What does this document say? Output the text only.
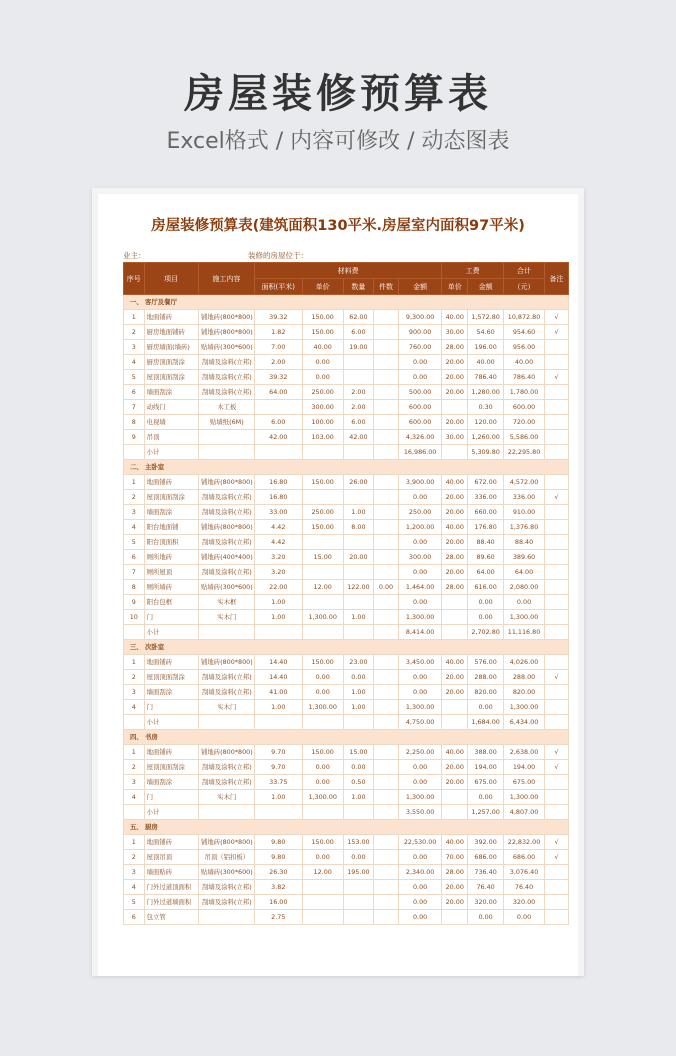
房屋装修预算表
Excel格式 / 内容可修改 / 动态图表
房屋装修预算表(建筑面积130平米.房屋室内面积97平米)
业主：	装修的房屋位于：
序号	项目	施工内容	材料费					工费		合计	备注
			面积(平米)	单价	数量	件数	金额	单价	金额	（元）	
一、 客厅及餐厅											
1	地面铺砖	铺地砖(800*800)	39.32	150.00	62.00		9,300.00	40.00	1,572.80	10,872.80	√
2	厨房地面铺砖	铺地砖(800*800)	1.82	150.00	6.00		900.00	30.00	54.60	954.60	√
3	厨房墙面(墙砖)	贴墙砖(300*600)	7.00	40.00	19.00		760.00	28.00	196.00	956.00	
4	厨房顶面刮涂	刮墙及涂料(立邦)	2.00	0.00			0.00	20.00	40.00	40.00	
5	屋顶顶面刮涂	刮墙及涂料(立邦)	39.32	0.00			0.00	20.00	786.40	786.40	√
6	墙面刮涂	刮墙及涂料(立邦)	64.00	250.00	2.00		500.00	20.00	1,280.00	1,780.00	
7	动线门	木工板		300.00	2.00		600.00		0.30	600.00	
8	电视墙	贴墙纸(6M)	6.00	100.00	6.00		600.00	20.00	120.00	720.00	
9	吊顶		42.00	103.00	42.00		4,326.00	30.00	1,260.00	5,586.00	
	小计						16,986.00		5,309.80	22,295.80	
二、 主卧室											
1	地面铺砖	铺地砖(800*800)	16.80	150.00	26.00		3,900.00	40.00	672.00	4,572.00	
2	屋顶顶面刮涂	刮墙及涂料(立邦)	16.80				0.00	20.00	336.00	336.00	√
3	墙面刮涂	刮墙及涂料(立邦)	33.00	250.00	1.00		250.00	20.00	660.00	910.00	
4	阳台地面铺	铺地砖(800*800)	4.42	150.00	8.00		1,200.00	40.00	176.80	1,376.80	
5	阳台顶面积	刮墙及涂料(立邦)	4.42				0.00	20.00	88.40	88.40	
6	厕所地砖	铺地砖(400*400)	3.20	15.00	20.00		300.00	28.00	89.60	389.60	
7	厕所屋顶	刮墙及涂料(立邦)	3.20				0.00	20.00	64.00	64.00	
8	厕所墙砖	贴墙砖(300*600)	22.00	12.00	122.00	0.00	1,464.00	28.00	616.00	2,080.00	
9	阳台包框	实木框	1.00				0.00		0.00	0.00	
10	门	实木门	1.00	1,300.00	1.00		1,300.00		0.00	1,300.00	
	小计						8,414.00		2,702.80	11,116.80	
三、 次卧室											
1	地面铺砖	铺地砖(800*800)	14.40	150.00	23.00		3,450.00	40.00	576.00	4,026.00	
2	屋顶顶面刮涂	刮墙及涂料(立邦)	14.40	0.00	0.00		0.00	20.00	288.00	288.00	√
3	墙面刮涂	刮墙及涂料(立邦)	41.00	0.00	1.00		0.00	20.00	820.00	820.00	
4	门	实木门	1.00	1,300.00	1.00		1,300.00		0.00	1,300.00	
	小计						4,750.00		1,684.00	6,434.00	
四、 书房											
1	地面铺砖	铺地砖(800*800)	9.70	150.00	15.00		2,250.00	40.00	388.00	2,638.00	√
2	屋顶顶面刮涂	刮墙及涂料(立邦)	9.70	0.00	0.00		0.00	20.00	194.00	194.00	√
3	墙面刮涂	刮墙及涂料(立邦)	33.75	0.00	0.50		0.00	20.00	675.00	675.00	
4	门	实木门	1.00	1,300.00	1.00		1,300.00		0.00	1,300.00	
	小计						3,550.00		1,257.00	4,807.00	
五、 厨房											
1	地面铺砖	铺地砖(800*800)	9.80	150.00	153.00		22,530.00	40.00	392.00	22,832.00	√
2	屋顶吊顶	吊顶（铝扣板）	9.80	0.00	0.00		0.00	70.00	686.00	686.00	√
3	墙面贴砖	贴墙砖(300*600)	26.30	12.00	195.00		2,340.00	28.00	736.40	3,076.40	
4	门外过道顶面积	刮墙及涂料(立邦)	3.82				0.00	20.00	76.40	76.40	
5	门外过道墙面积	刮墙及涂料(立邦)	16.00				0.00	20.00	320.00	320.00	
6	包立管		2.75				0.00		0.00	0.00	
